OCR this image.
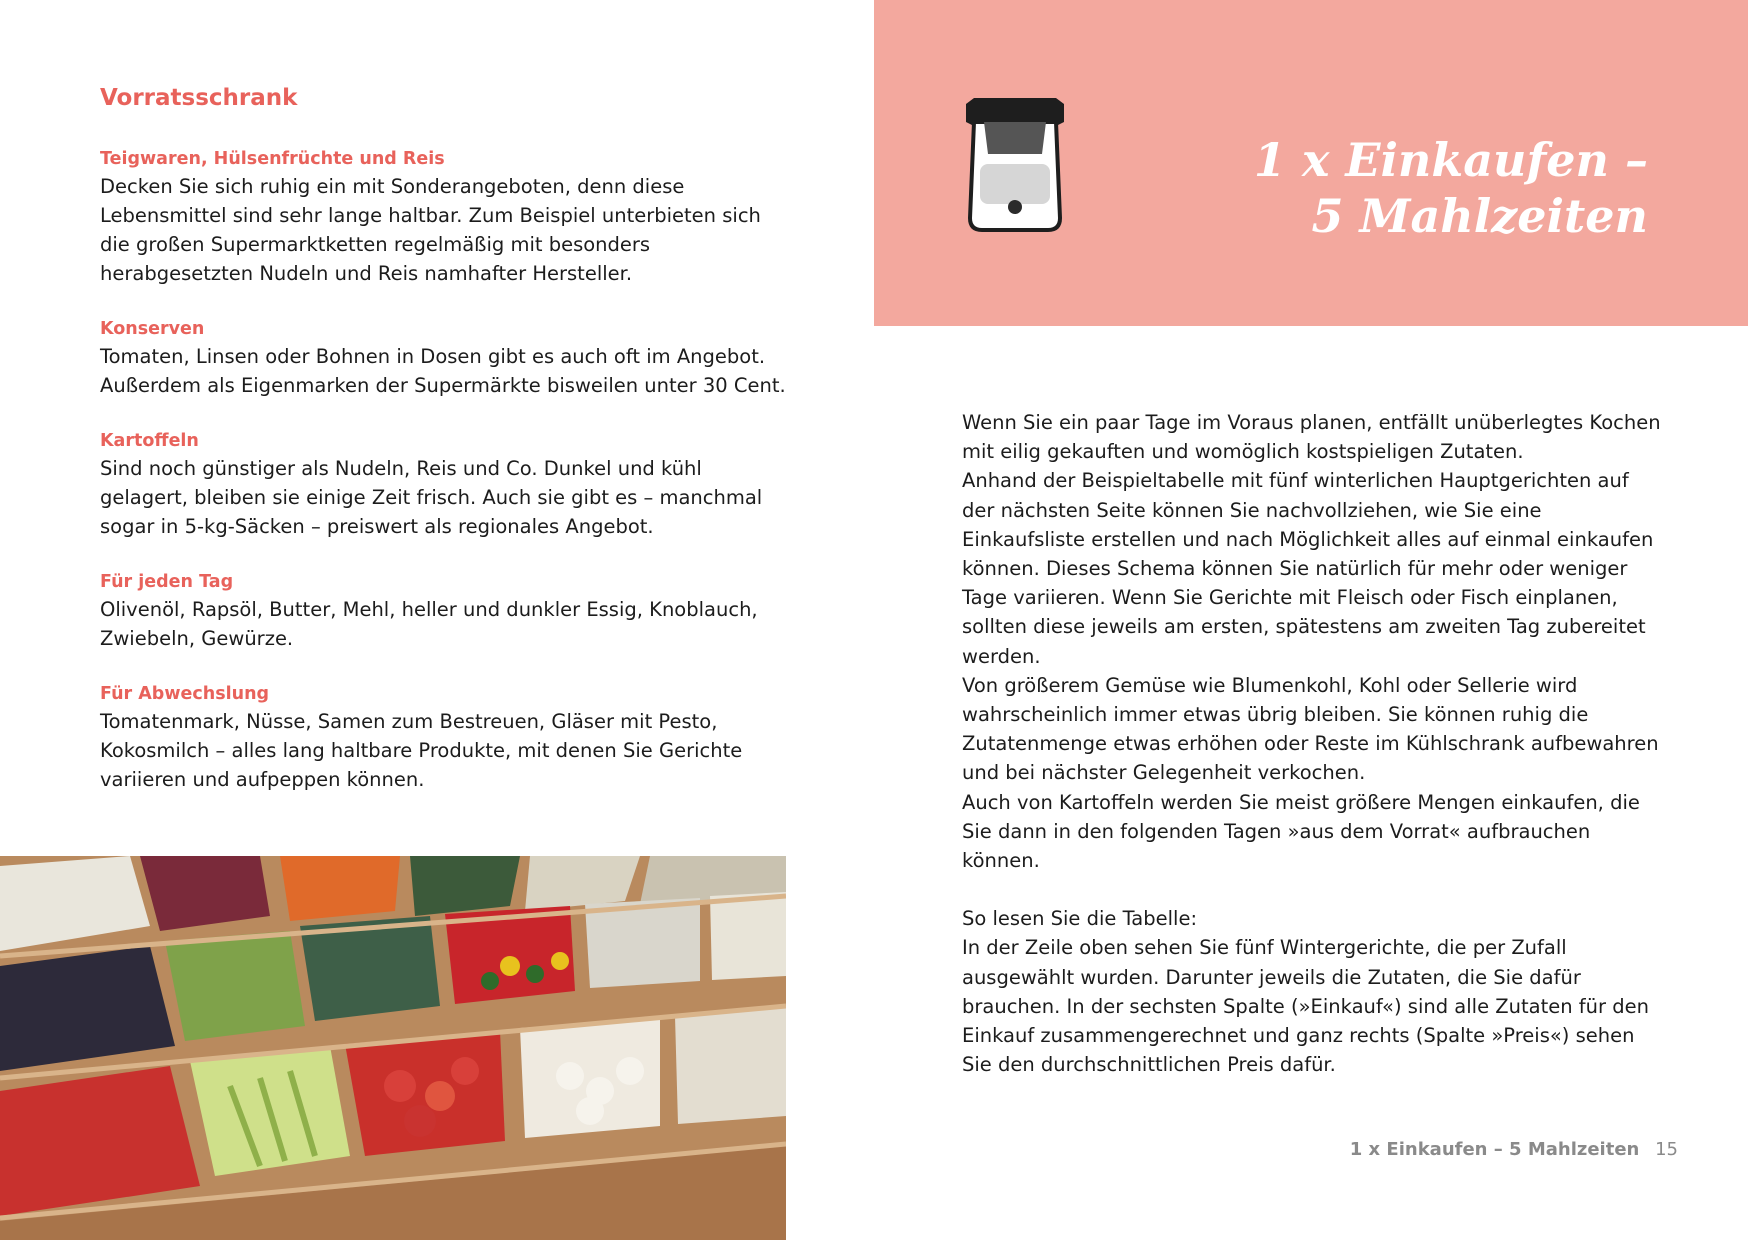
Vorratsschrank

Teigwaren, Hülsenfrüchte und Reis

Decken Sie sich ruhig ein mit Sonderangeboten, denn diese Lebensmittel sind sehr lange haltbar. Zum Beispiel unterbieten sich die großen Supermarktketten regelmäßig mit besonders herabgesetzten Nudeln und Reis namhafter Hersteller.

Konserven

Tomaten, Linsen oder Bohnen in Dosen gibt es auch oft im Angebot. Außerdem als Eigenmarken der Supermärkte bisweilen unter 30 Cent.

Kartoffeln

Sind noch günstiger als Nudeln, Reis und Co. Dunkel und kühl gelagert, bleiben sie einige Zeit frisch. Auch sie gibt es – manchmal sogar in 5-kg-Säcken – preiswert als regionales Angebot.

Für jeden Tag

Olivenöl, Rapsöl, Butter, Mehl, heller und dunkler Essig, Knoblauch, Zwiebeln, Gewürze.

Für Abwechslung

Tomatenmark, Nüsse, Samen zum Bestreuen, Gläser mit Pesto, Kokosmilch – alles lang haltbare Produkte, mit denen Sie Gerichte variieren und aufpeppen können.

1 x Einkaufen –
5 Mahlzeiten

Wenn Sie ein paar Tage im Voraus planen, entfällt unüberlegtes Kochen mit eilig gekauften und womöglich kostspieligen Zutaten.

Anhand der Beispieltabelle mit fünf winterlichen Hauptgerichten auf der nächsten Seite können Sie nachvollziehen, wie Sie eine Einkaufsliste erstellen und nach Möglichkeit alles auf einmal einkaufen können. Dieses Schema können Sie natürlich für mehr oder weniger Tage variieren. Wenn Sie Gerichte mit Fleisch oder Fisch einplanen, sollten diese jeweils am ersten, spätestens am zweiten Tag zubereitet werden.

Von größerem Gemüse wie Blumenkohl, Kohl oder Sellerie wird wahrscheinlich immer etwas übrig bleiben. Sie können ruhig die Zutatenmenge etwas erhöhen oder Reste im Kühlschrank aufbewahren und bei nächster Gelegenheit verkochen.

Auch von Kartoffeln werden Sie meist größere Mengen einkaufen, die Sie dann in den folgenden Tagen »aus dem Vorrat« aufbrauchen können.

So lesen Sie die Tabelle:

In der Zeile oben sehen Sie fünf Wintergerichte, die per Zufall ausgewählt wurden. Darunter jeweils die Zutaten, die Sie dafür brauchen. In der sechsten Spalte (»Einkauf«) sind alle Zutaten für den Einkauf zusammengerechnet und ganz rechts (Spalte »Preis«) sehen Sie den durchschnittlichen Preis dafür.

1 x Einkaufen – 5 Mahlzeiten 15
